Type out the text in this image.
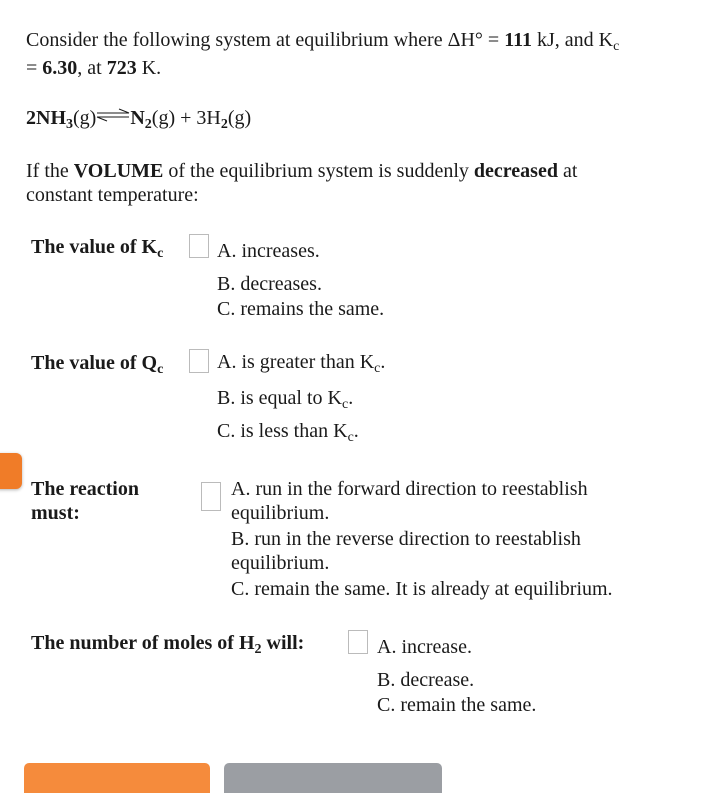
Consider the following system at equilibrium where ΔH° = 111 kJ, and $K_c$
= 6.30, at 723 K.
$2NH_3(g)\rightleftharpoons N_2(g) + 3H_2(g)$
If the VOLUME of the equilibrium system is suddenly decreased at
constant temperature:
The value of $K_c$	A. increases.
B. decreases.
C. remains the same.
The value of $Q_c$	A. is greater than $K_c$.
B. is equal to $K_c$.
C. is less than $K_c$.
The reaction
must:
A. run in the forward direction to reestablish
equilibrium.
B. run in the reverse direction to reestablish
equilibrium.
C. remain the same. It is already at equilibrium.
The number of moles of $H_2$ will:	A. increase.
B. decrease.
C. remain the same.
